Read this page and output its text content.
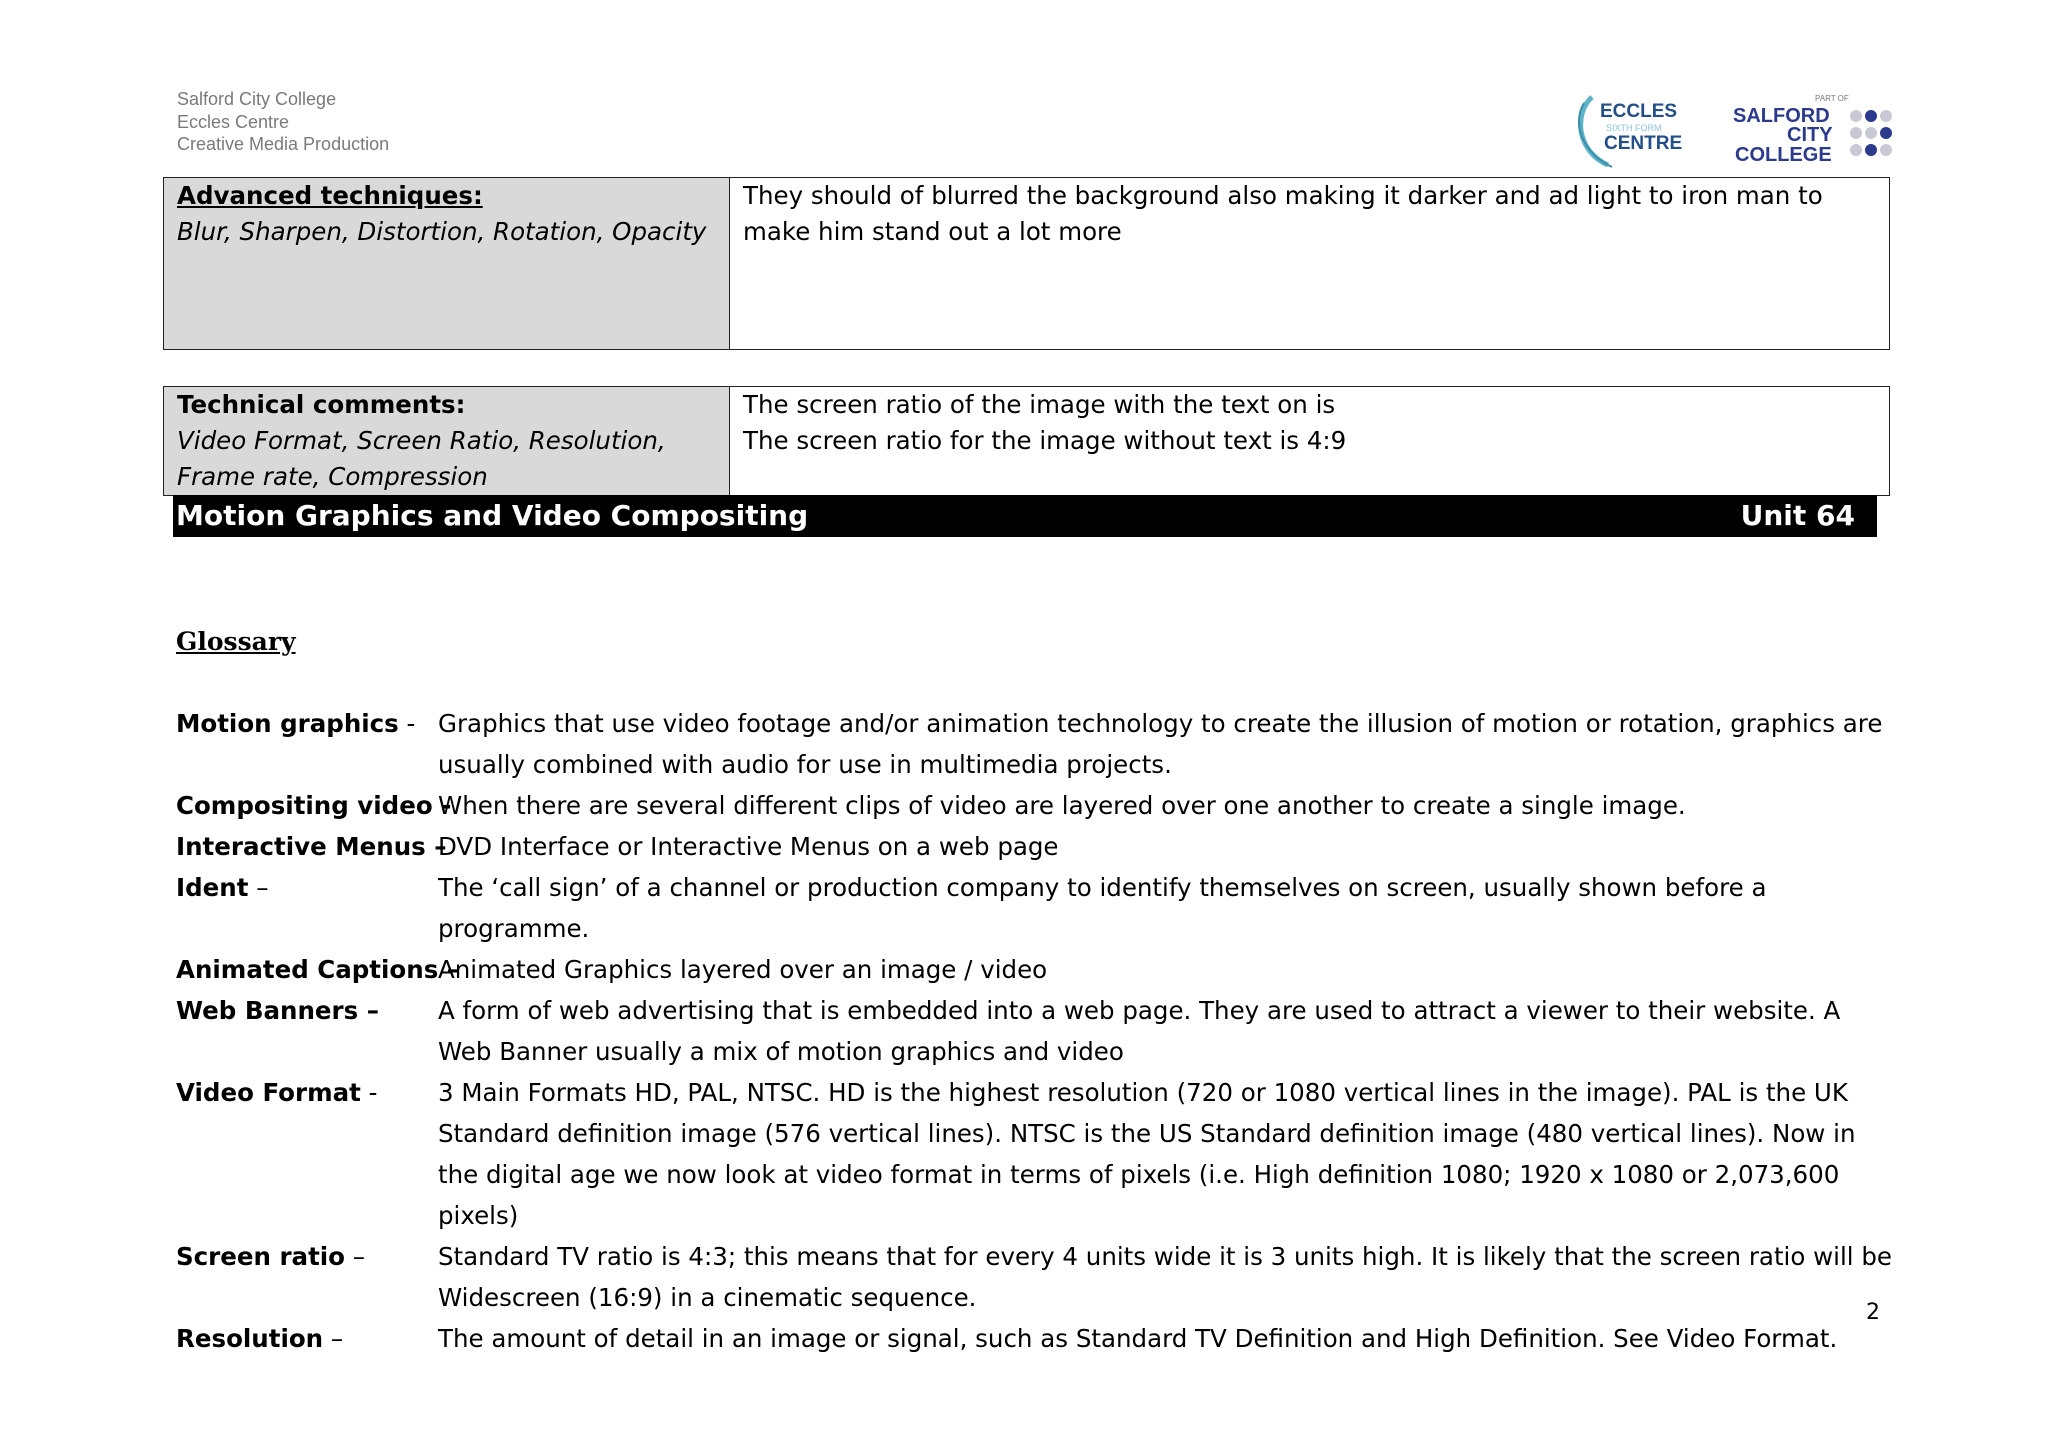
Salford City College
Eccles Centre
Creative Media Production
ECCLES
SIXTH FORM
CENTRE
PART OF
SALFORD
CITY
COLLEGE
Advanced techniques:
Blur, Sharpen, Distortion, Rotation, Opacity

They should of blurred the background also making it darker and ad light to iron man to make him stand out a lot more
Technical comments:
Video Format, Screen Ratio, Resolution,
Frame rate, Compression

The screen ratio of the image with the text on is
The screen ratio for the image without text is 4:9
Motion Graphics and Video Compositing	Unit 64
Glossary
Motion graphics - Graphics that use video footage and/or animation technology to create the illusion of motion or rotation, graphics are usually combined with audio for use in multimedia projects.
Compositing video -
When there are several different clips of video are layered over one another to create a single image.
Interactive Menus –
DVD Interface or Interactive Menus on a web page
Ident –	The ‘call sign’ of a channel or production company to identify themselves on screen, usually shown before a programme.
Animated Captions –
Animated Graphics layered over an image / video
Web Banners – A form of web advertising that is embedded into a web page. They are used to attract a viewer to their website. A Web Banner usually a mix of motion graphics and video
Video Format - 3 Main Formats HD, PAL, NTSC. HD is the highest resolution (720 or 1080 vertical lines in the image). PAL is the UK Standard definition image (576 vertical lines). NTSC is the US Standard definition image (480 vertical lines). Now in the digital age we now look at video format in terms of pixels (i.e. High definition 1080; 1920 x 1080 or 2,073,600 pixels)
Screen ratio –	Standard TV ratio is 4:3; this means that for every 4 units wide it is 3 units high. It is likely that the screen ratio will be Widescreen (16:9) in a cinematic sequence.
Resolution –	The amount of detail in an image or signal, such as Standard TV Definition and High Definition. See Video Format.
2
